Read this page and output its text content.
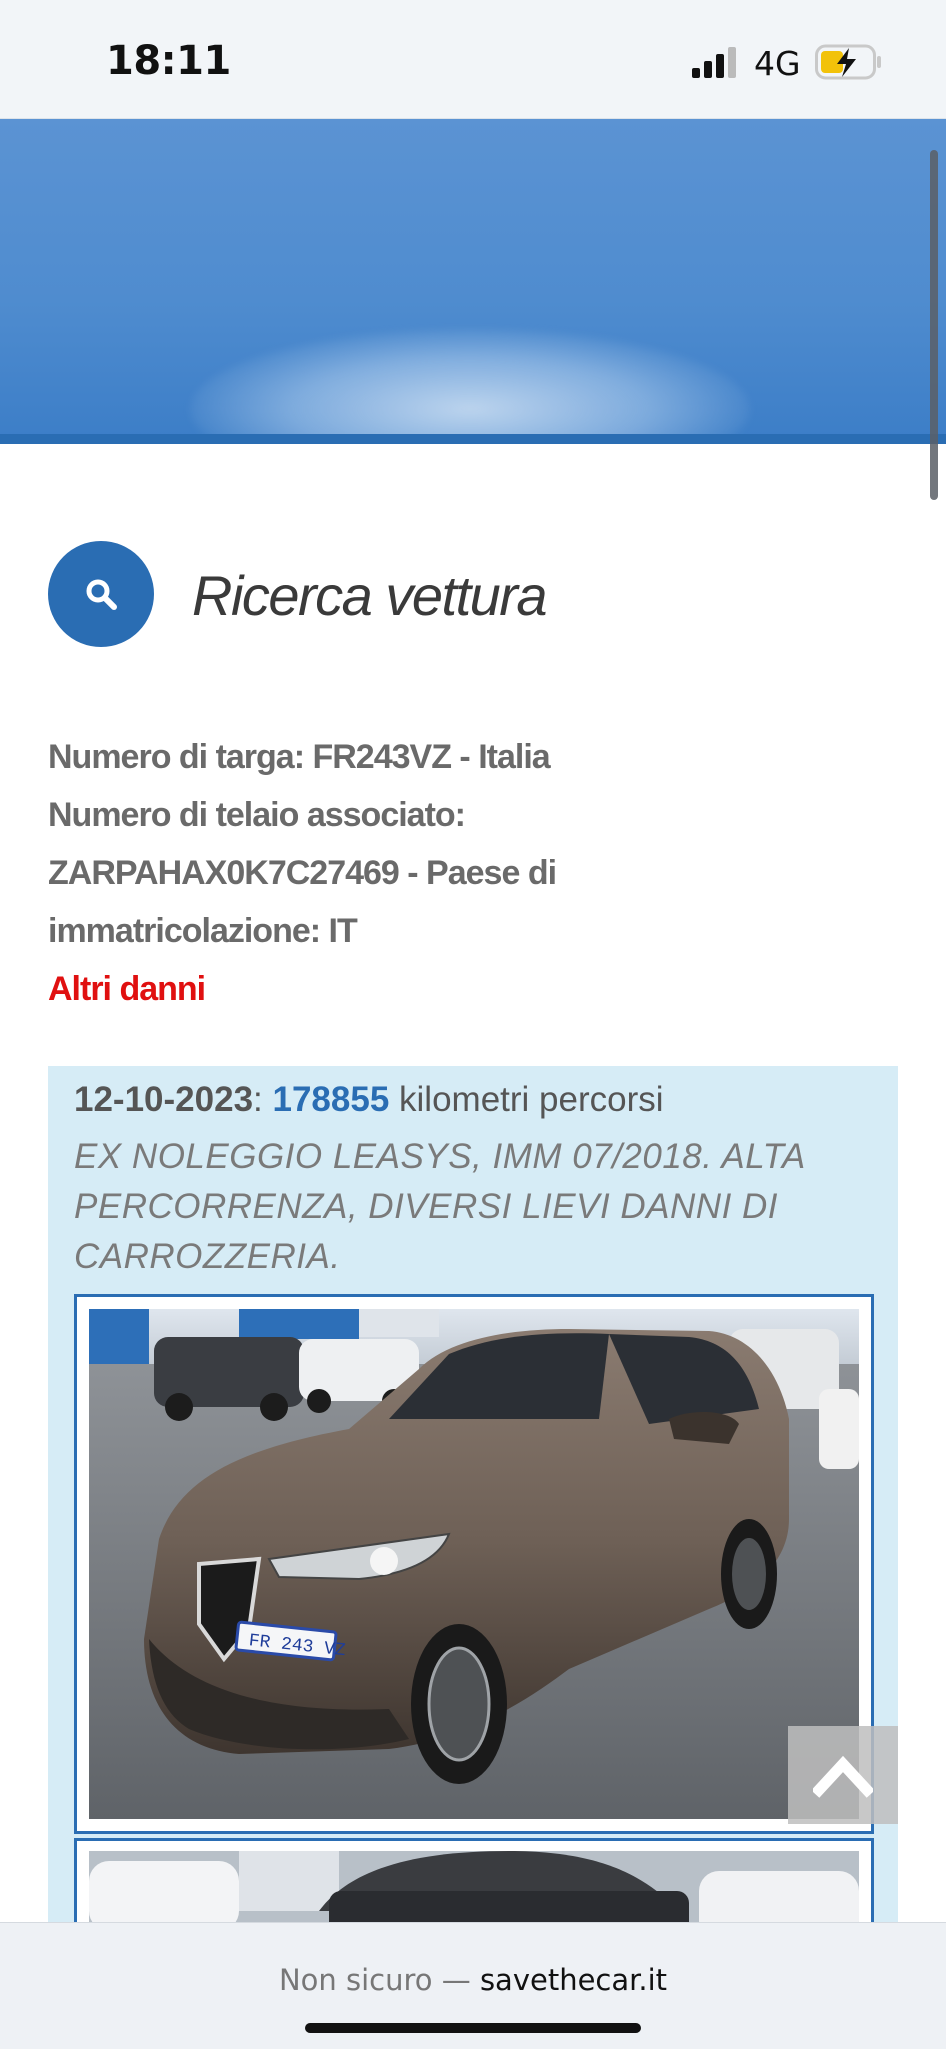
18:11	4G
Ricerca vettura
Numero di targa: FR243VZ - Italia
Numero di telaio associato:
ZARPAHAX0K7C27469 - Paese di
immatricolazione: IT
Altri danni
12-10-2023: 178855 kilometri percorsi
EX NOLEGGIO LEASYS, IMM 07/2018. ALTA PERCORRENZA, DIVERSI LIEVI DANNI DI CARROZZERIA.
FR 243 VZ
Non sicuro — savethecar.it
